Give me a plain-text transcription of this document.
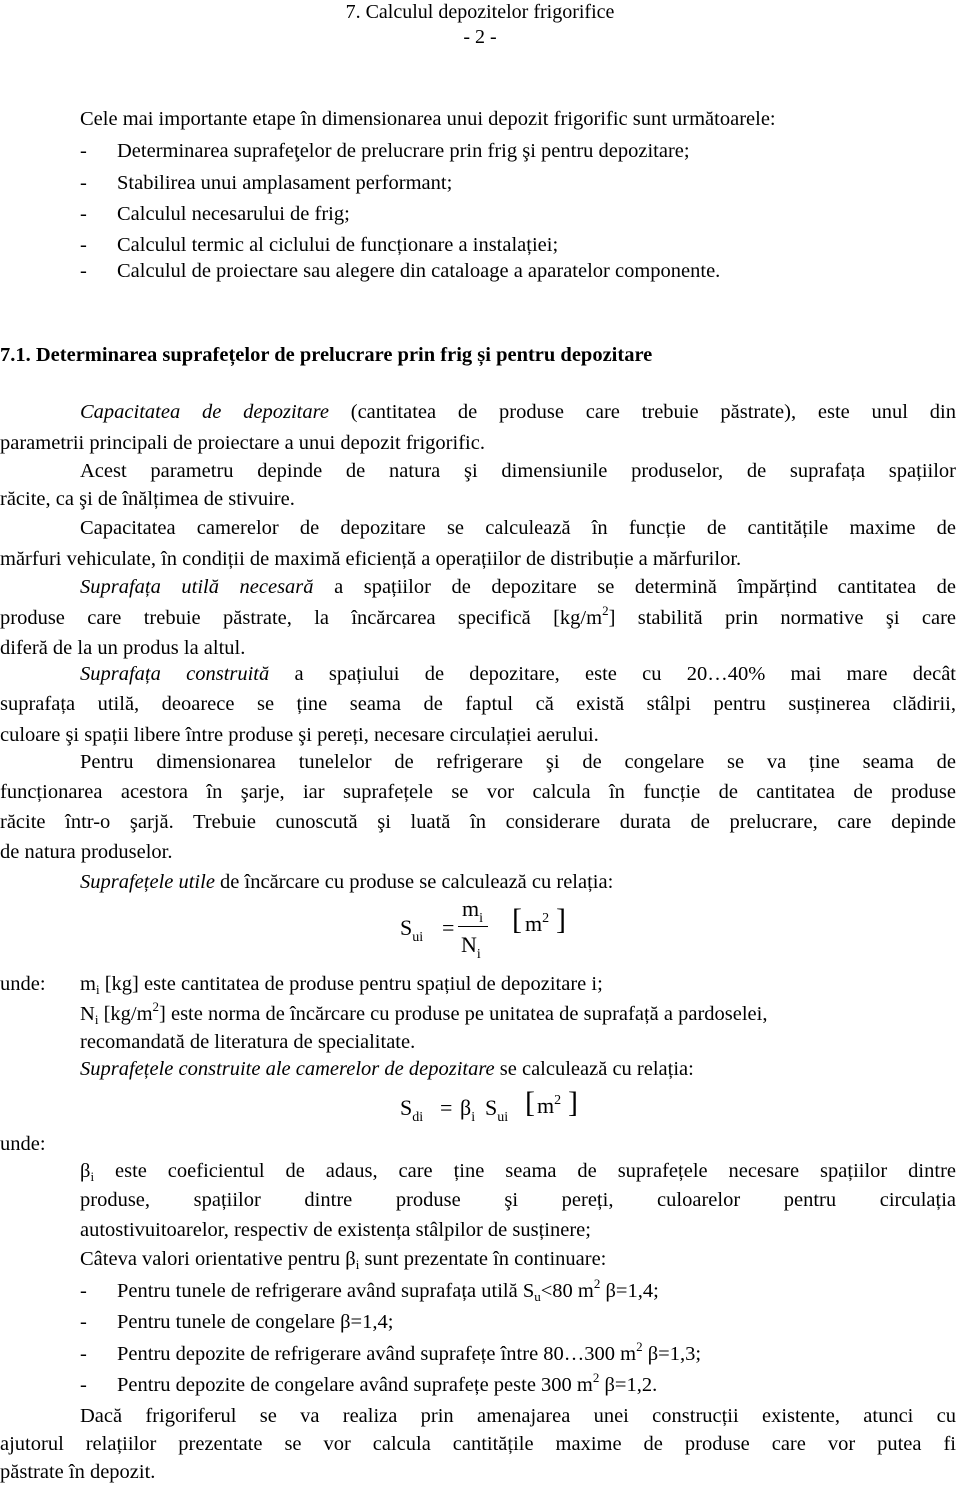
7. Calculul depozitelor frigorifice
- 2 -
Cele mai importante etape în dimensionarea unui depozit frigorific sunt următoarele:
- Determinarea suprafeţelor de prelucrare prin frig şi pentru depozitare;
- Stabilirea unui amplasament performant;
- Calculul necesarului de frig;
- Calculul termic al ciclului de funcționare a instalației;
- Calculul de proiectare sau alegere din cataloage a aparatelor componente.
7.1. Determinarea suprafețelor de prelucrare prin frig și pentru depozitare
Capacitatea de depozitare (cantitatea de produse care trebuie păstrate), este unul din
parametrii principali de proiectare a unui depozit frigorific.
Acest parametru depinde de natura şi dimensiunile produselor, de suprafața spațiilor
răcite, ca şi de înălțimea de stivuire.
Capacitatea camerelor de depozitare se calculează în funcție de cantitățile maxime de
mărfuri vehiculate, în condiții de maximă eficiență a operațiilor de distribuție a mărfurilor.
Suprafața utilă necesară a spațiilor de depozitare se determină împărțind cantitatea de
produse care trebuie păstrate, la încărcarea specifică $[kg/m^2]$ stabilită prin normative şi care
diferă de la un produs la altul.
Suprafața construită a spațiului de depozitare, este cu 20…40% mai mare decât
suprafața utilă, deoarece se ține seama de faptul că există stâlpi pentru susținerea clădirii,
culoare şi spații libere între produse şi pereți, necesare circulației aerului.
Pentru dimensionarea tunelelor de refrigerare şi de congelare se va ține seama de
funcționarea acestora în şarje, iar suprafețele se vor calcula în funcție de cantitatea de produse
răcite într-o şarjă. Trebuie cunoscută şi luată în considerare durata de prelucrare, care depinde
de natura produselor.
Suprafețele utile de încărcare cu produse se calculează cu relația:
$S_{ui}$ =
$m_i$
$N_i$
[ $m^2$ ]
unde: mi [kg] este cantitatea de produse pentru spațiul de depozitare i;
Ni $[kg/m^2]$ este norma de încărcare cu produse pe unitatea de suprafață a pardoselei,
recomandată de literatura de specialitate.
Suprafețele construite ale camerelor de depozitare se calculează cu relația:
$S_{di} = \beta_i$ $S_{ui}$ [ $m^2$ ]
unde:
βi este coeficientul de adaus, care ține seama de suprafețele necesare spațiilor dintre
produse, spațiilor dintre produse şi pereți, culoarelor pentru circulația
autostivuitoarelor, respectiv de existența stâlpilor de susținere;
Câteva valori orientative pentru βi sunt prezentate în continuare:
- Pentru tunele de refrigerare având suprafața utilă Su<80 $m^2$ β=1,4;
- Pentru tunele de congelare β=1,4;
- Pentru depozite de refrigerare având suprafețe între 80…300 $m^2$ β=1,3;
- Pentru depozite de congelare având suprafețe peste 300 $m^2$ β=1,2.
Dacă frigoriferul se va realiza prin amenajarea unei construcții existente, atunci cu
ajutorul relațiilor prezentate se vor calcula cantitățile maxime de produse care vor putea fi
păstrate în depozit.
